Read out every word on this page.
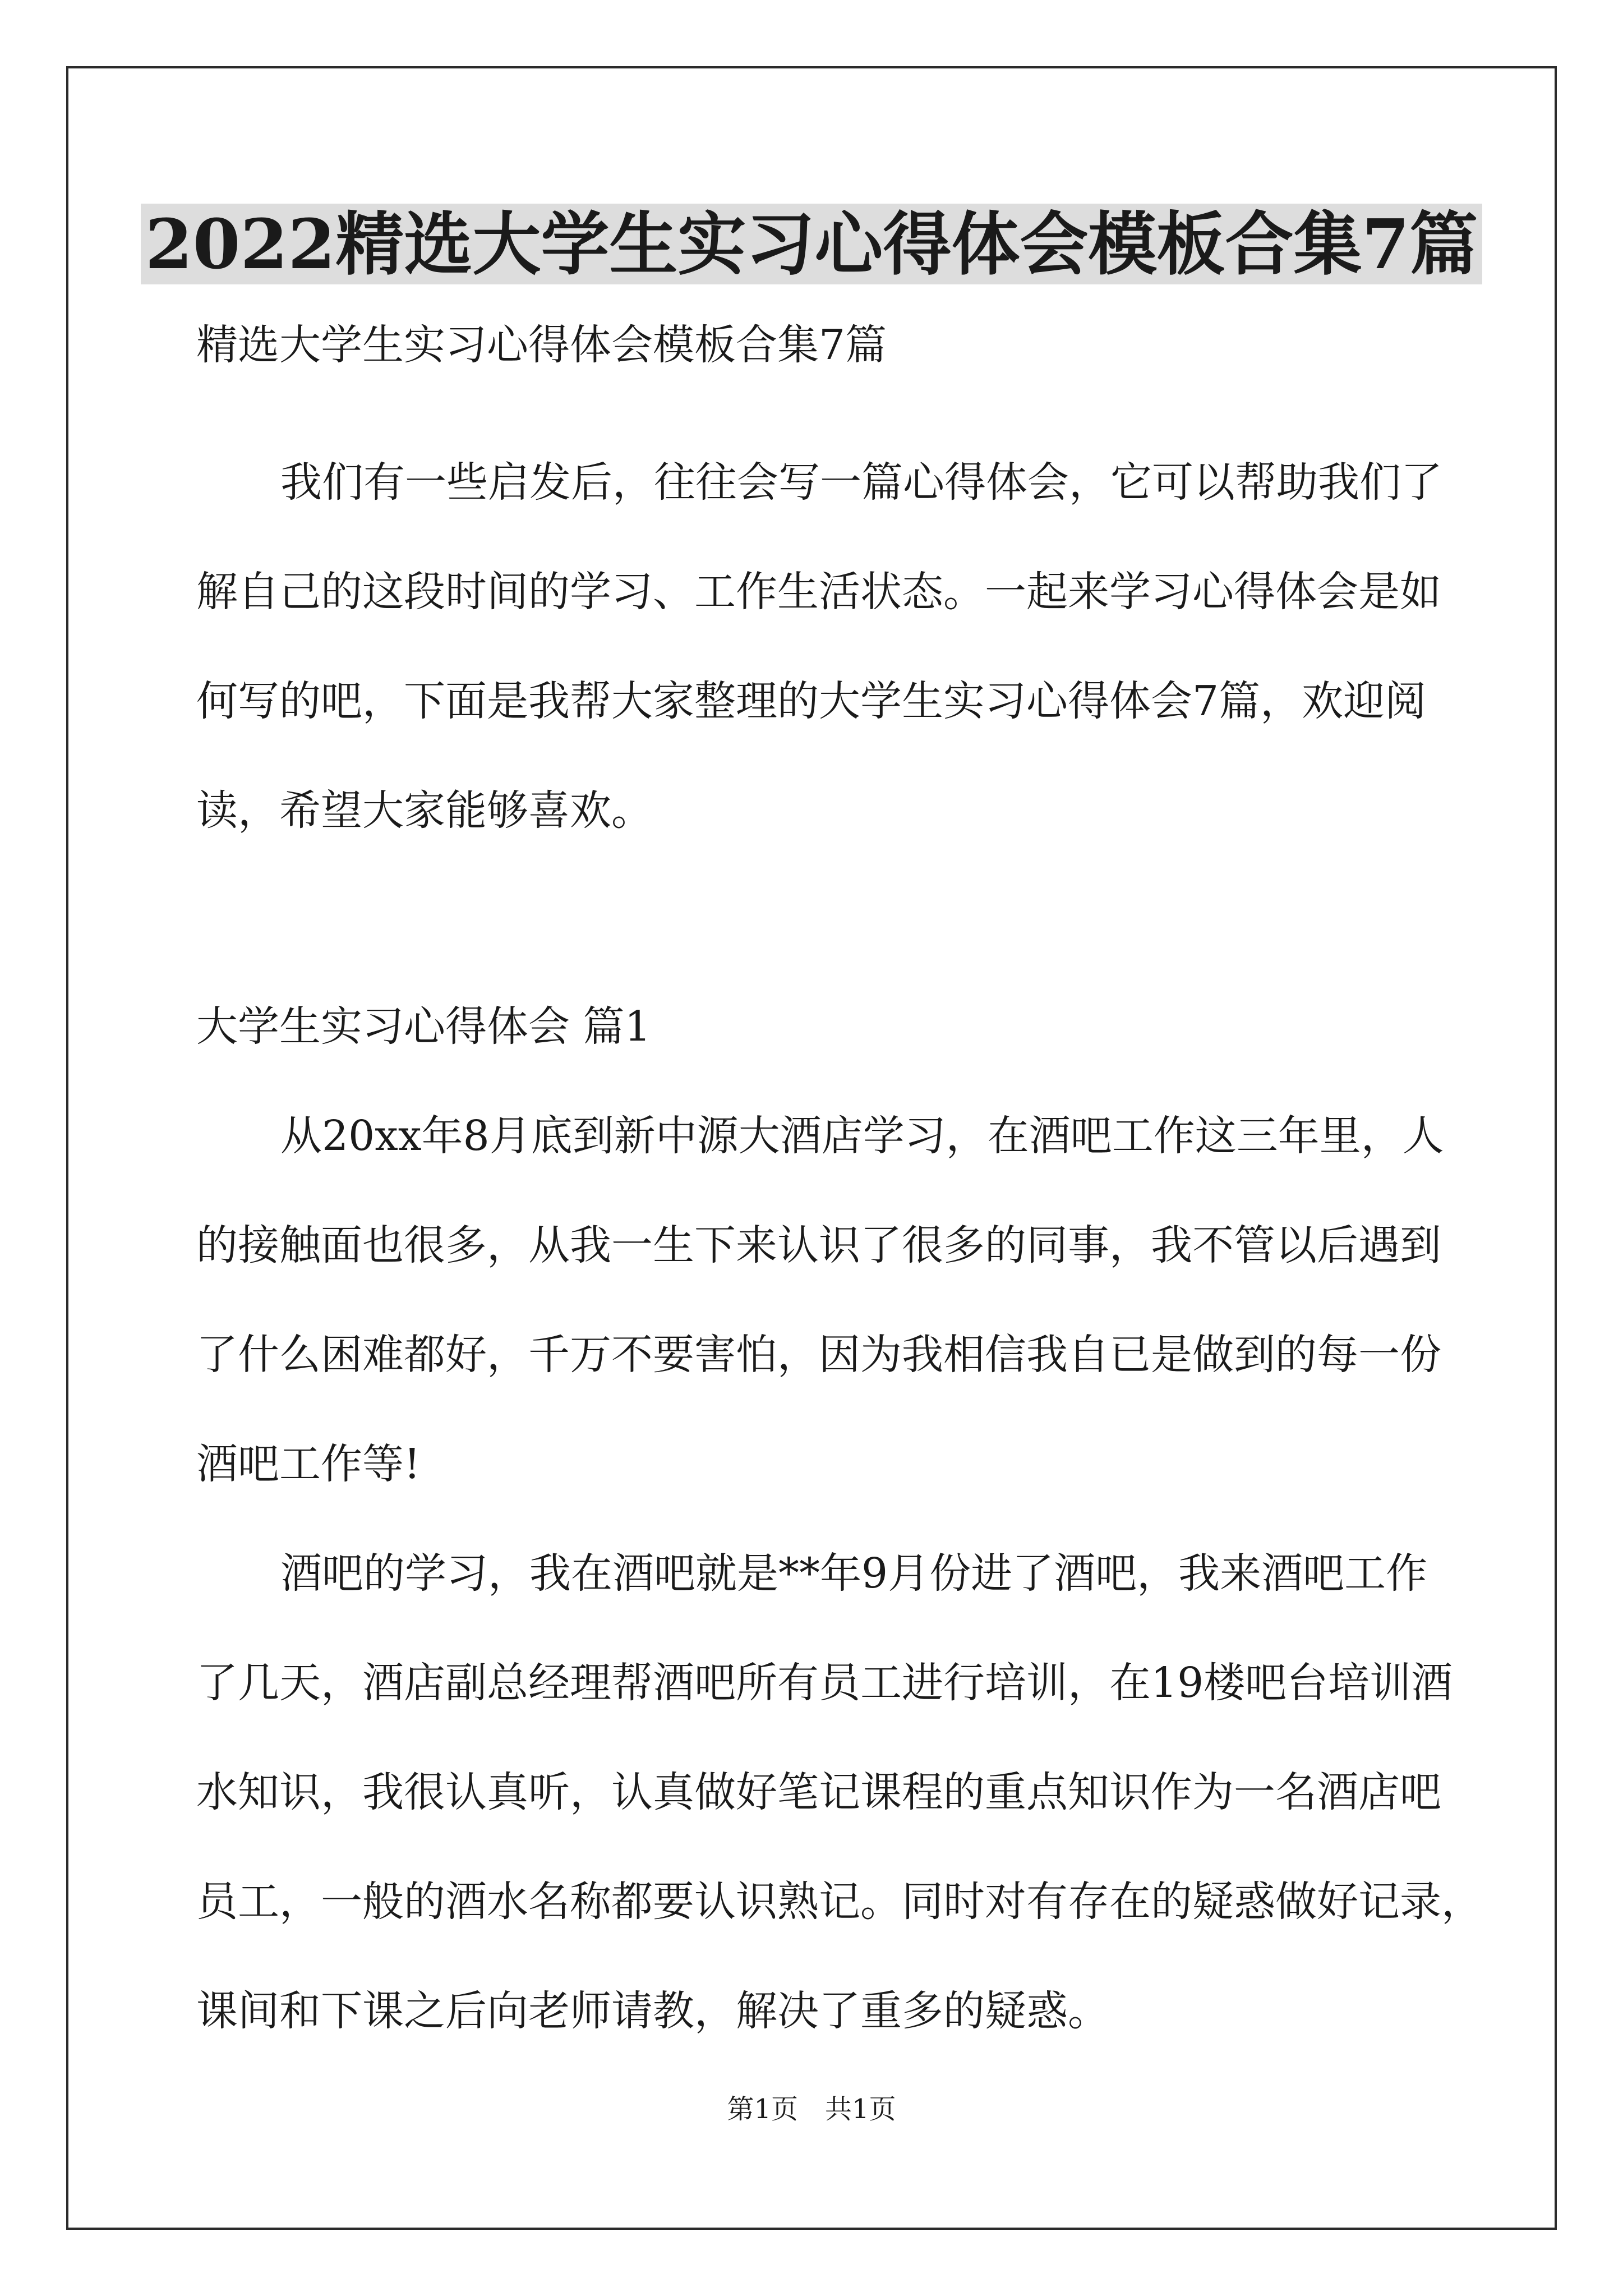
2022精选大学生实习心得体会模板合集7篇
精选大学生实习心得体会模板合集7篇
我们有一些启发后，往往会写一篇心得体会，它可以帮助我们了
解自己的这段时间的学习、工作生活状态。一起来学习心得体会是如
何写的吧，下面是我帮大家整理的大学生实习心得体会7篇，欢迎阅
读，希望大家能够喜欢。
大学生实习心得体会 篇1
从20xx年8月底到新中源大酒店学习，在酒吧工作这三年里，人
的接触面也很多，从我一生下来认识了很多的同事，我不管以后遇到
了什么困难都好，千万不要害怕，因为我相信我自已是做到的每一份
酒吧工作等!
酒吧的学习，我在酒吧就是**年9月份进了酒吧，我来酒吧工作
了几天，酒店副总经理帮酒吧所有员工进行培训，在19楼吧台培训酒
水知识，我很认真听，认真做好笔记课程的重点知识作为一名酒店吧
员工，一般的酒水名称都要认识熟记。同时对有存在的疑惑做好记录，
课间和下课之后向老师请教，解决了重多的疑惑。
第1页　共1页
